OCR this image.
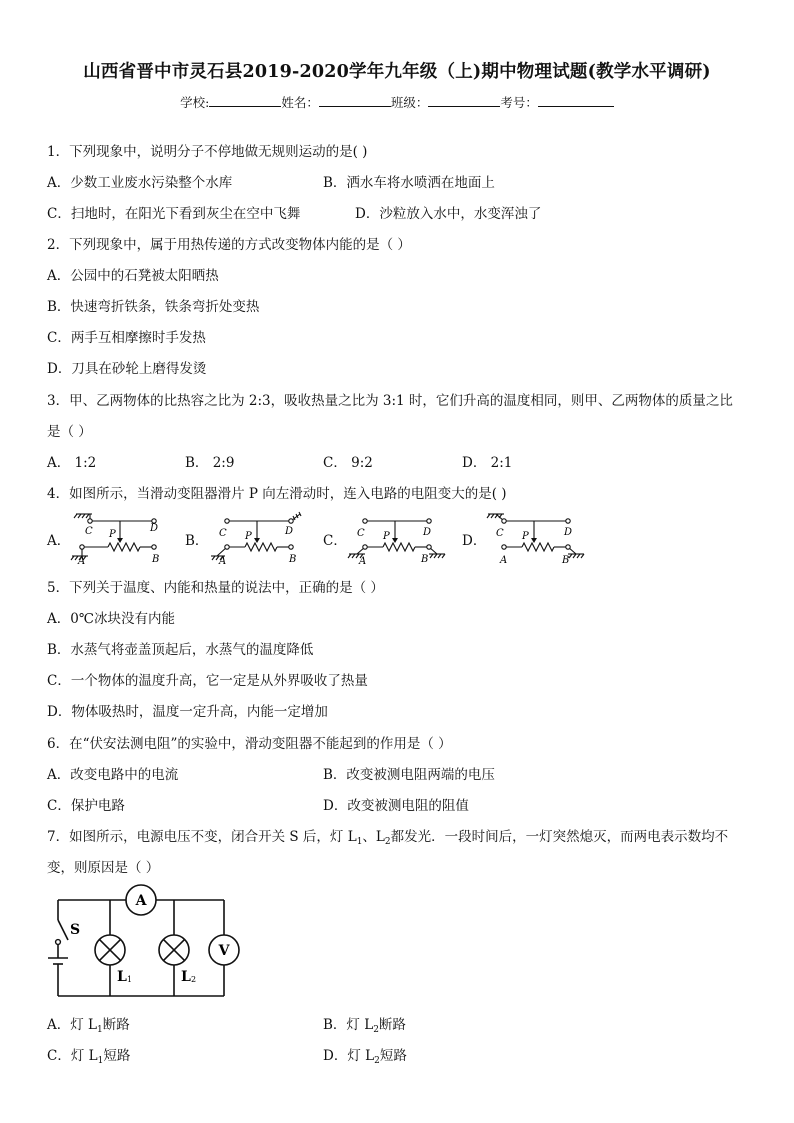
山西省晋中市灵石县2019-2020学年九年级（上)期中物理试题(教学水平调研)
学校:	姓名：	班级：	考号：
1．下列现象中，说明分子不停地做无规则运动的是( )
A．少数工业废水污染整个水库	B．洒水车将水喷洒在地面上
C．扫地时，在阳光下看到灰尘在空中飞舞	D．沙粒放入水中，水变浑浊了
2．下列现象中，属于用热传递的方式改变物体内能的是（ ）
A．公园中的石凳被太阳晒热
B．快速弯折铁条，铁条弯折处变热
C．两手互相摩擦时手发热
D．刀具在砂轮上磨得发烫
3．甲、乙两物体的比热容之比为 2:3，吸收热量之比为 3:1 时，它们升高的温度相同，则甲、乙两物体的质量之比
是（ ）
A． 1:2	B． 2:9	C． 9:2	D． 2:1
4．如图所示，当滑动变阻器滑片 P 向左滑动时，连入电路的电阻变大的是( )
A．	B．	C．	D．
C	D
P
A	B
C	D
P
A	B
C	D
P
A	B
C	D
P
A	B
5．下列关于温度、内能和热量的说法中，正确的是（ ）
A．0℃冰块没有内能
B．水蒸气将壶盖顶起后，水蒸气的温度降低
C．一个物体的温度升高，它一定是从外界吸收了热量
D．物体吸热时，温度一定升高，内能一定增加
6．在“伏安法测电阻”的实验中，滑动变阻器不能起到的作用是（ ）
A．改变电路中的电流	B．改变被测电阻两端的电压
C．保护电路	D．改变被测电阻的阻值
7．如图所示，电源电压不变，闭合开关 S 后，灯 $L_1$、$L_2$都发光．一段时间后，一灯突然熄灭，而两电表示数均不
变，则原因是（ ）
A
V
S
L 1	L 2
A．灯 $L_1$断路	B．灯 $L_2$断路
C．灯 $L_1$短路	D．灯 $L_2$短路
